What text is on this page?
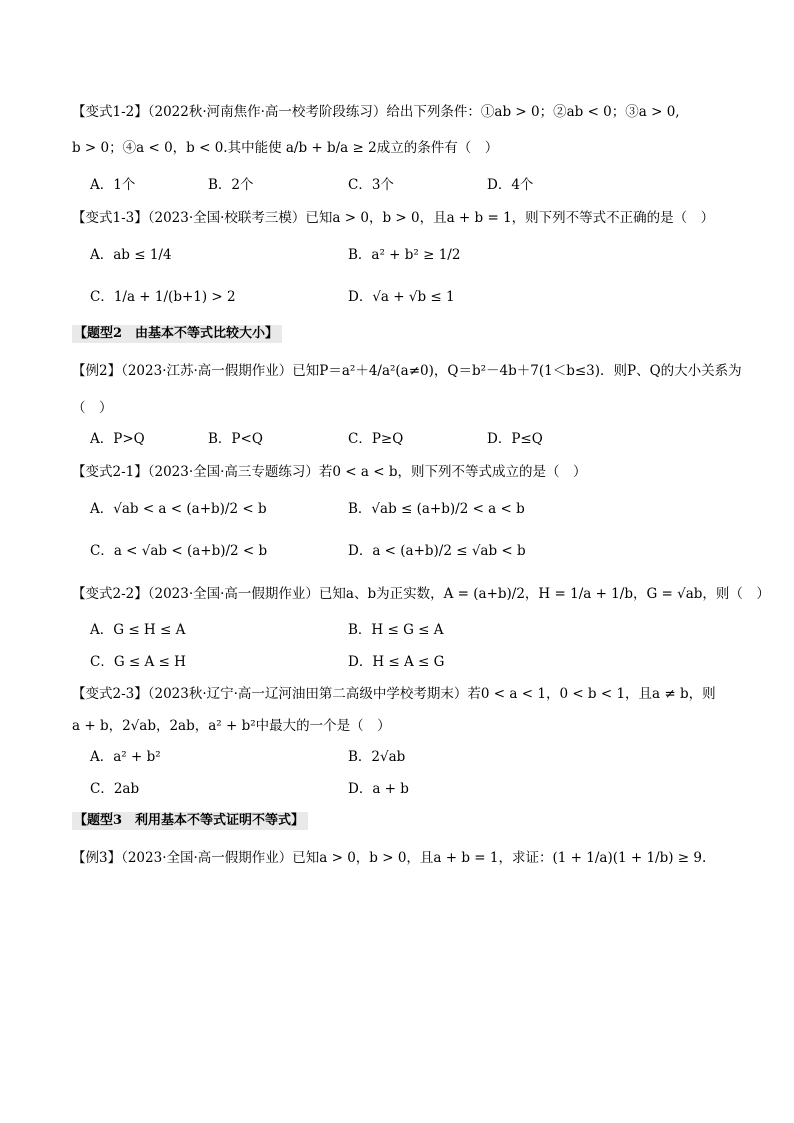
【变式1-2】（2022秋·河南焦作·高一校考阶段练习）给出下列条件：①ab > 0；②ab < 0；③a > 0,
b > 0；④a < 0，b < 0.其中能使 a/b + b/a ≥ 2成立的条件有（　）
A．1个	B．2个	C．3个	D．4个
【变式1-3】（2023·全国·校联考三模）已知a > 0，b > 0，且a + b = 1，则下列不等式不正确的是（　）
A．ab ≤ 1/4	B．a² + b² ≥ 1/2
C．1/a + 1/(b+1) > 2	D．√a + √b ≤ 1
【题型2　由基本不等式比较大小】
【例2】（2023·江苏·高一假期作业）已知P＝a²＋4/a²(a≠0)，Q＝b²－4b＋7(1＜b≤3)．则P、Q的大小关系为
（　）
A．P>Q	B．P<Q	C．P≥Q	D．P≤Q
【变式2-1】（2023·全国·高三专题练习）若0 < a < b，则下列不等式成立的是（　）
A．√ab < a < (a+b)/2 < b	B．√ab ≤ (a+b)/2 < a < b
C．a < √ab < (a+b)/2 < b	D．a < (a+b)/2 ≤ √ab < b
【变式2-2】（2023·全国·高一假期作业）已知a、b为正实数，A = (a+b)/2，H = 1/a + 1/b，G = √ab，则（　）
A．G ≤ H ≤ A	B．H ≤ G ≤ A
C．G ≤ A ≤ H	D．H ≤ A ≤ G
【变式2-3】（2023秋·辽宁·高一辽河油田第二高级中学校考期末）若0 < a < 1，0 < b < 1，且a ≠ b，则
a + b，2√ab，2ab，a² + b²中最大的一个是（　）
A．a² + b²	B．2√ab
C．2ab	D．a + b
【题型3　利用基本不等式证明不等式】
【例3】（2023·全国·高一假期作业）已知a > 0，b > 0，且a + b = 1，求证：(1 + 1/a)(1 + 1/b) ≥ 9.
